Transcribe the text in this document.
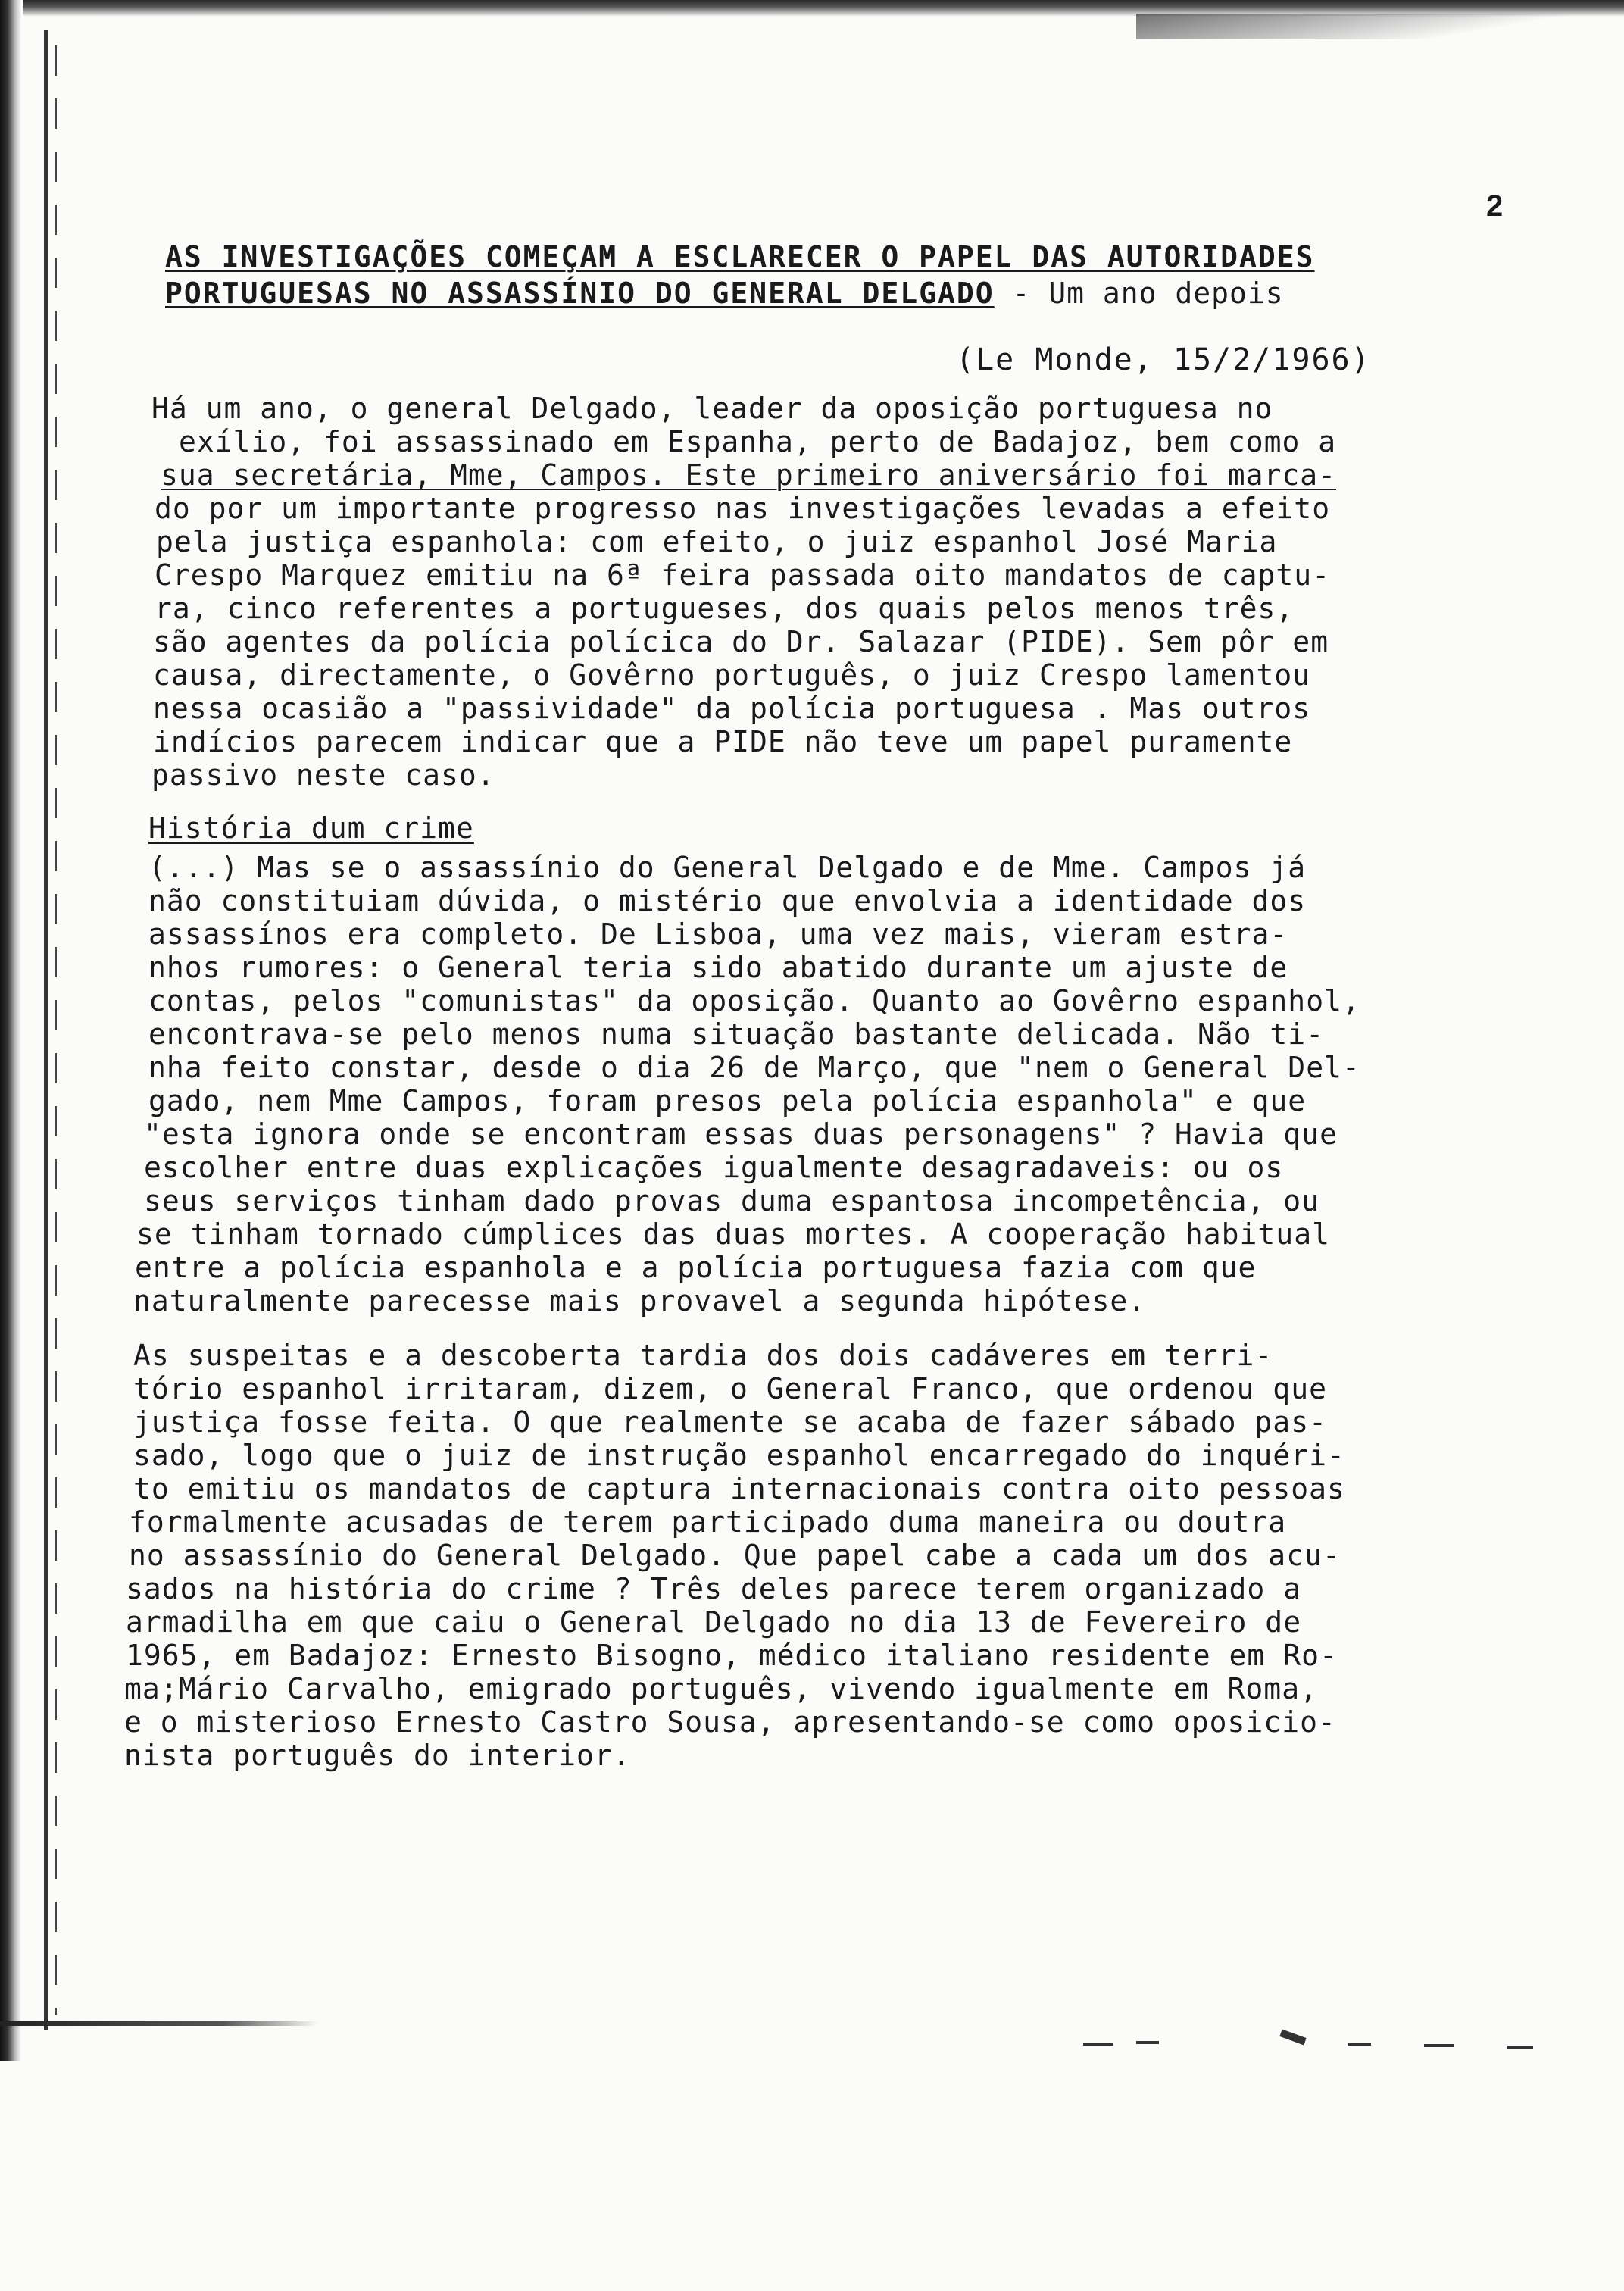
2
AS INVESTIGAÇÕES COMEÇAM A ESCLARECER O PAPEL DAS AUTORIDADES
PORTUGUESAS NO ASSASSÍNIO DO GENERAL DELGADO - Um ano depois
(Le Monde, 15/2/1966)
Há um ano, o general Delgado, leader da oposição portuguesa no
exílio, foi assassinado em Espanha, perto de Badajoz, bem como a
sua secretária, Mme, Campos. Este primeiro aniversário foi marca-
do por um importante progresso nas investigações levadas a efeito
pela justiça espanhola: com efeito, o juiz espanhol José Maria
Crespo Marquez emitiu na 6ª feira passada oito mandatos de captu-
ra, cinco referentes a portugueses, dos quais pelos menos três,
são agentes da polícia polícica do Dr. Salazar (PIDE). Sem pôr em
causa, directamente, o Govêrno português, o juiz Crespo lamentou
nessa ocasião a "passividade" da polícia portuguesa . Mas outros
indícios parecem indicar que a PIDE não teve um papel puramente
passivo neste caso.
História dum crime
(...) Mas se o assassínio do General Delgado e de Mme. Campos já
não constituiam dúvida, o mistério que envolvia a identidade dos
assassínos era completo. De Lisboa, uma vez mais, vieram estra-
nhos rumores: o General teria sido abatido durante um ajuste de
contas, pelos "comunistas" da oposição. Quanto ao Govêrno espanhol,
encontrava-se pelo menos numa situação bastante delicada. Não ti-
nha feito constar, desde o dia 26 de Março, que "nem o General Del-
gado, nem Mme Campos, foram presos pela polícia espanhola" e que
"esta ignora onde se encontram essas duas personagens" ? Havia que
escolher entre duas explicações igualmente desagradaveis: ou os
seus serviços tinham dado provas duma espantosa incompetência, ou
se tinham tornado cúmplices das duas mortes. A cooperação habitual
entre a polícia espanhola e a polícia portuguesa fazia com que
naturalmente parecesse mais provavel a segunda hipótese.
As suspeitas e a descoberta tardia dos dois cadáveres em terri-
tório espanhol irritaram, dizem, o General Franco, que ordenou que
justiça fosse feita. O que realmente se acaba de fazer sábado pas-
sado, logo que o juiz de instrução espanhol encarregado do inquéri-
to emitiu os mandatos de captura internacionais contra oito pessoas
formalmente acusadas de terem participado duma maneira ou doutra
no assassínio do General Delgado. Que papel cabe a cada um dos acu-
sados na história do crime ? Três deles parece terem organizado a
armadilha em que caiu o General Delgado no dia 13 de Fevereiro de
1965, em Badajoz: Ernesto Bisogno, médico italiano residente em Ro-
ma;Mário Carvalho, emigrado português, vivendo igualmente em Roma,
e o misterioso Ernesto Castro Sousa, apresentando-se como oposicio-
nista português do interior.
